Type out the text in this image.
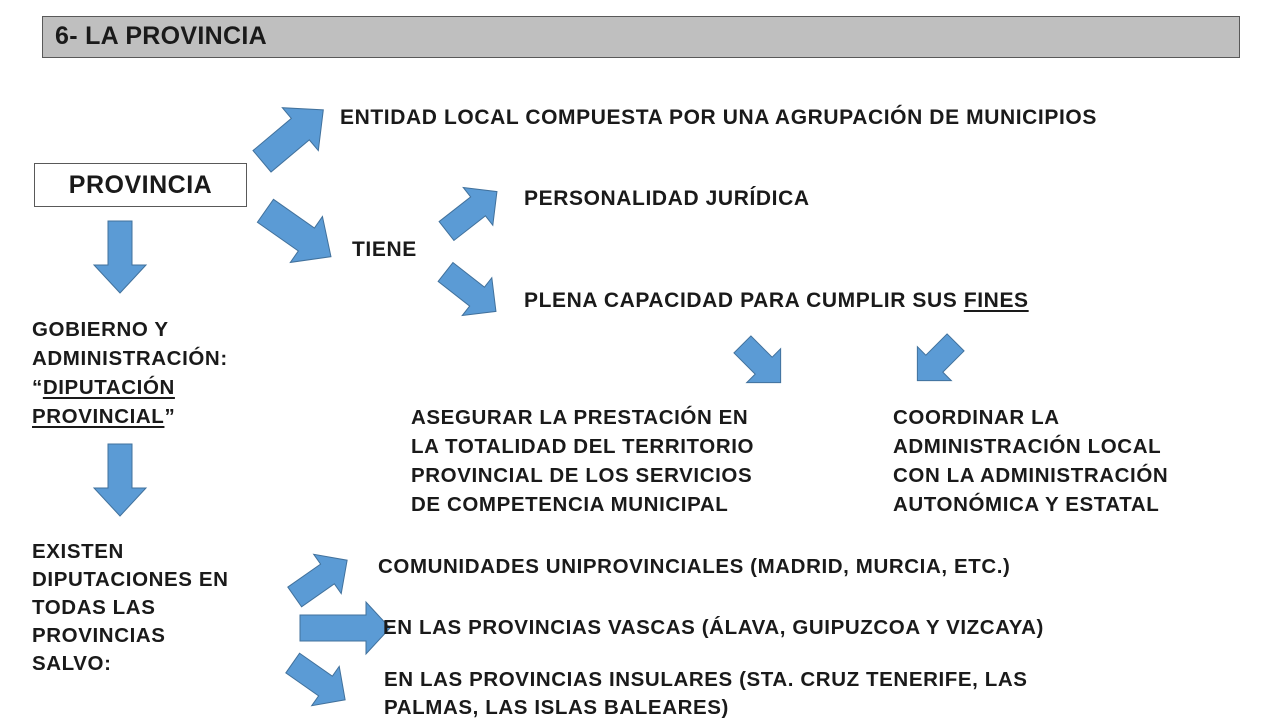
6- LA PROVINCIA
PROVINCIA
ENTIDAD LOCAL COMPUESTA POR UNA AGRUPACIÓN DE MUNICIPIOS
TIENE
PERSONALIDAD JURÍDICA
PLENA CAPACIDAD PARA CUMPLIR SUS FINES
ASEGURAR LA PRESTACIÓN EN
LA TOTALIDAD DEL TERRITORIO
PROVINCIAL DE LOS SERVICIOS
DE COMPETENCIA MUNICIPAL
COORDINAR LA
ADMINISTRACIÓN LOCAL
CON LA ADMINISTRACIÓN
AUTONÓMICA Y ESTATAL
GOBIERNO Y
ADMINISTRACIÓN:
“DIPUTACIÓN
PROVINCIAL”
EXISTEN
DIPUTACIONES EN
TODAS LAS
PROVINCIAS
SALVO:
COMUNIDADES UNIPROVINCIALES (MADRID, MURCIA, ETC.)
EN LAS PROVINCIAS VASCAS (ÁLAVA, GUIPUZCOA Y VIZCAYA)
EN LAS PROVINCIAS INSULARES (STA. CRUZ TENERIFE, LAS
PALMAS, LAS ISLAS BALEARES)
